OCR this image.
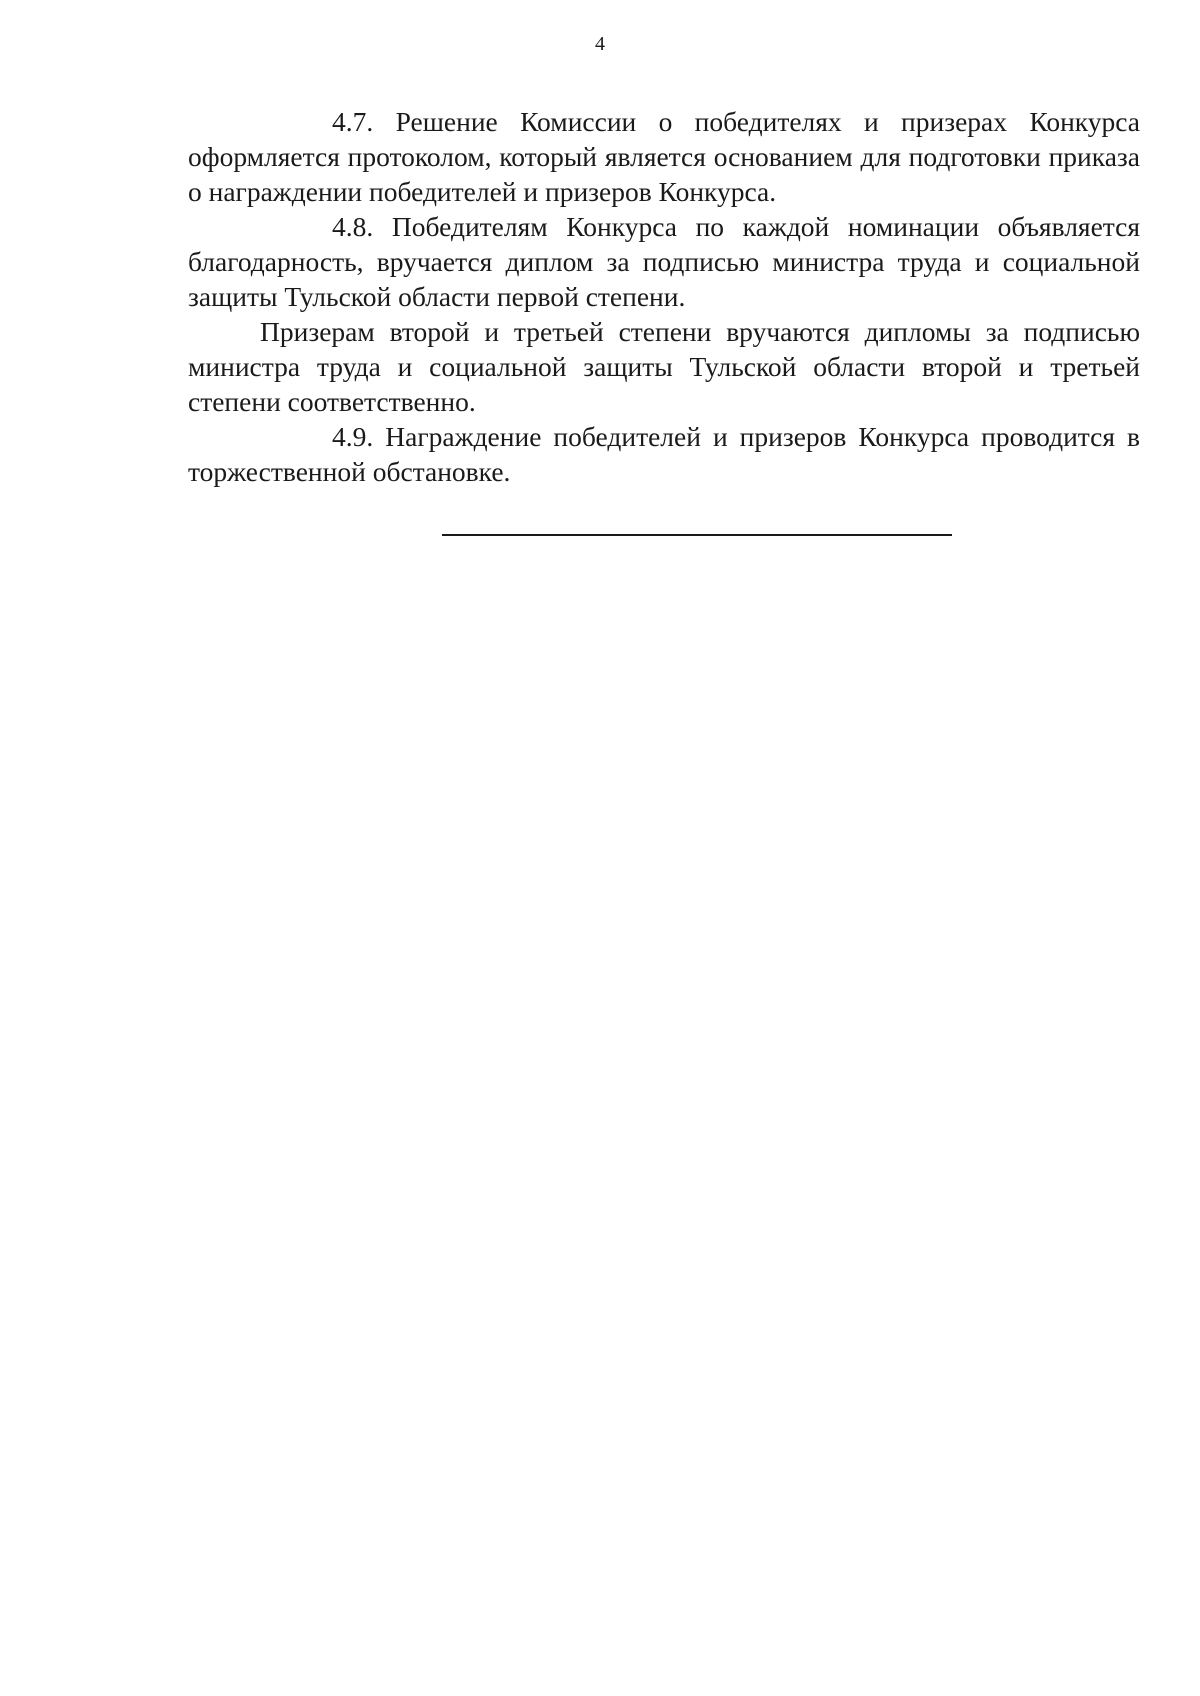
4

4.7. Решение Комиссии о победителях и призерах Конкурса оформляется протоколом, который является основанием для подготовки приказа о награждении победителей и призеров Конкурса.

4.8. Победителям Конкурса по каждой номинации объявляется благодарность, вручается диплом за подписью министра труда и социальной защиты Тульской области первой степени.

Призерам второй и третьей степени вручаются дипломы за подписью министра труда и социальной защиты Тульской области второй и третьей степени соответственно.

4.9. Награждение победителей и призеров Конкурса проводится в торжественной обстановке.
